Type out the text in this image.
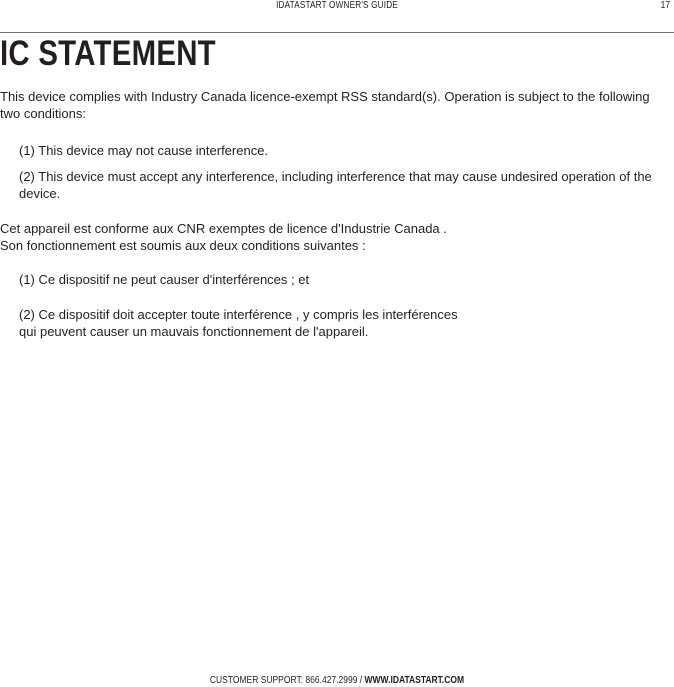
IDATASTART OWNER'S GUIDE	17
IC STATEMENT

This device complies with Industry Canada licence-exempt RSS standard(s). Operation is subject to the following two conditions:

(1) This device may not cause interference.

(2) This device must accept any interference, including interference that may cause undesired operation of the device.

Cet appareil est conforme aux CNR exemptes de licence d'Industrie Canada .

Son fonctionnement est soumis aux deux conditions suivantes :

(1) Ce dispositif ne peut causer d'interférences ; et

(2) Ce dispositif doit accepter toute interférence , y compris les interférences

qui peuvent causer un mauvais fonctionnement de l'appareil.

CUSTOMER SUPPORT: 866.427.2999 / WWW.IDATASTART.COM
